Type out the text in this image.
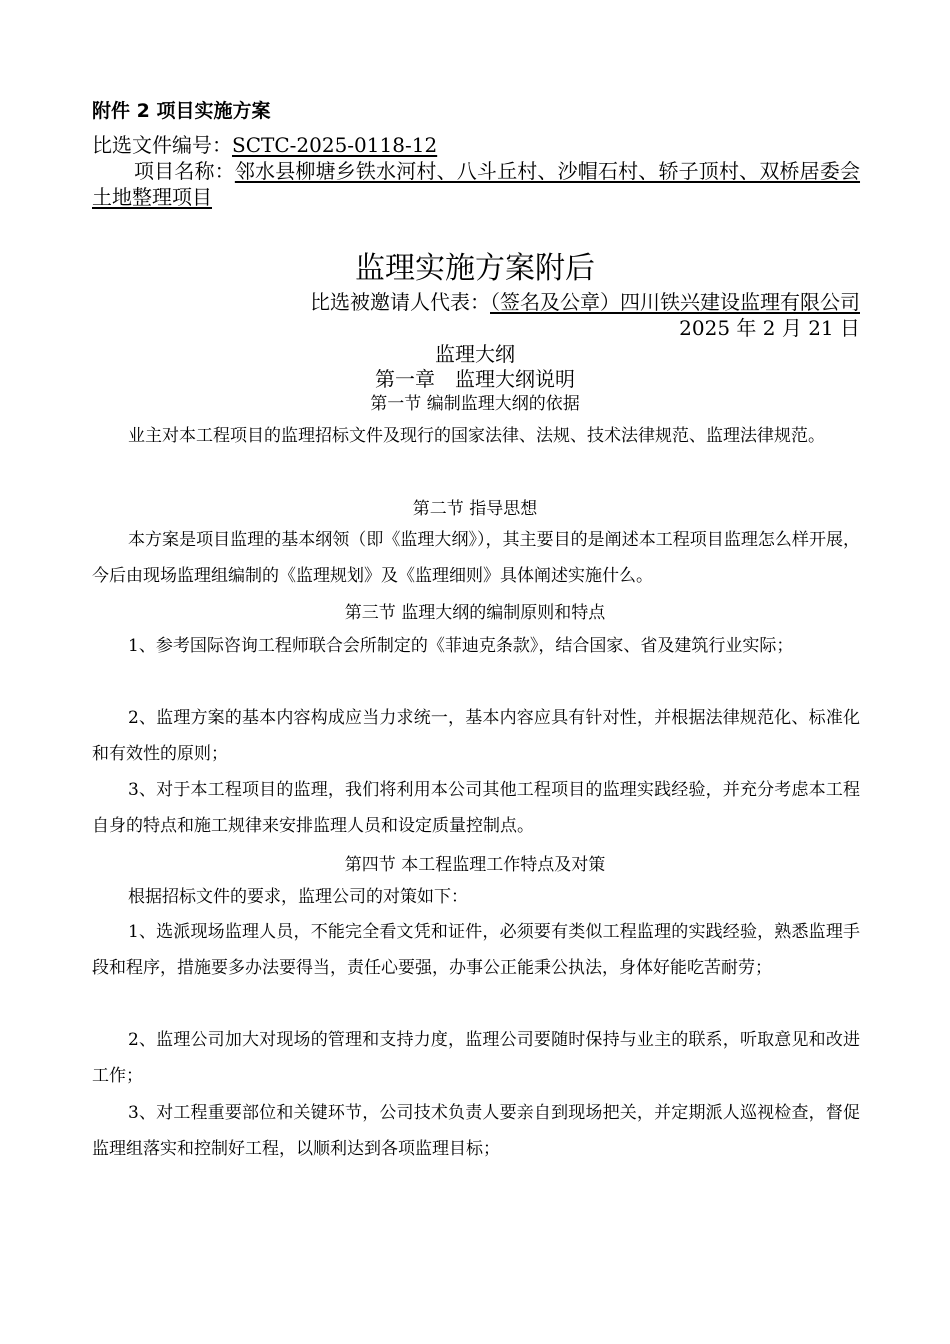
附件 2 项目实施方案
比选文件编号：SCTC-2025-0118-12
项目名称：邻水县柳塘乡铁水河村、八斗丘村、沙帽石村、轿子顶村、双桥居委会土地整理项目
监理实施方案附后
比选被邀请人代表：（签名及公章）四川铁兴建设监理有限公司
2025 年 2 月 21 日
监理大纲
第一章　监理大纲说明
第一节 编制监理大纲的依据
业主对本工程项目的监理招标文件及现行的国家法律、法规、技术法律规范、监理法律规范。
第二节 指导思想
本方案是项目监理的基本纲领（即《监理大纲》），其主要目的是阐述本工程项目监理怎么样开展，今后由现场监理组编制的《监理规划》及《监理细则》具体阐述实施什么。
第三节 监理大纲的编制原则和特点
1、参考国际咨询工程师联合会所制定的《菲迪克条款》，结合国家、省及建筑行业实际；
2、监理方案的基本内容构成应当力求统一，基本内容应具有针对性，并根据法律规范化、标准化和有效性的原则；
3、对于本工程项目的监理，我们将利用本公司其他工程项目的监理实践经验，并充分考虑本工程自身的特点和施工规律来安排监理人员和设定质量控制点。
第四节 本工程监理工作特点及对策
根据招标文件的要求，监理公司的对策如下：
1、选派现场监理人员，不能完全看文凭和证件，必须要有类似工程监理的实践经验，熟悉监理手段和程序，措施要多办法要得当，责任心要强，办事公正能秉公执法，身体好能吃苦耐劳；
2、监理公司加大对现场的管理和支持力度，监理公司要随时保持与业主的联系，听取意见和改进工作；
3、对工程重要部位和关键环节，公司技术负责人要亲自到现场把关，并定期派人巡视检查，督促监理组落实和控制好工程，以顺利达到各项监理目标；
